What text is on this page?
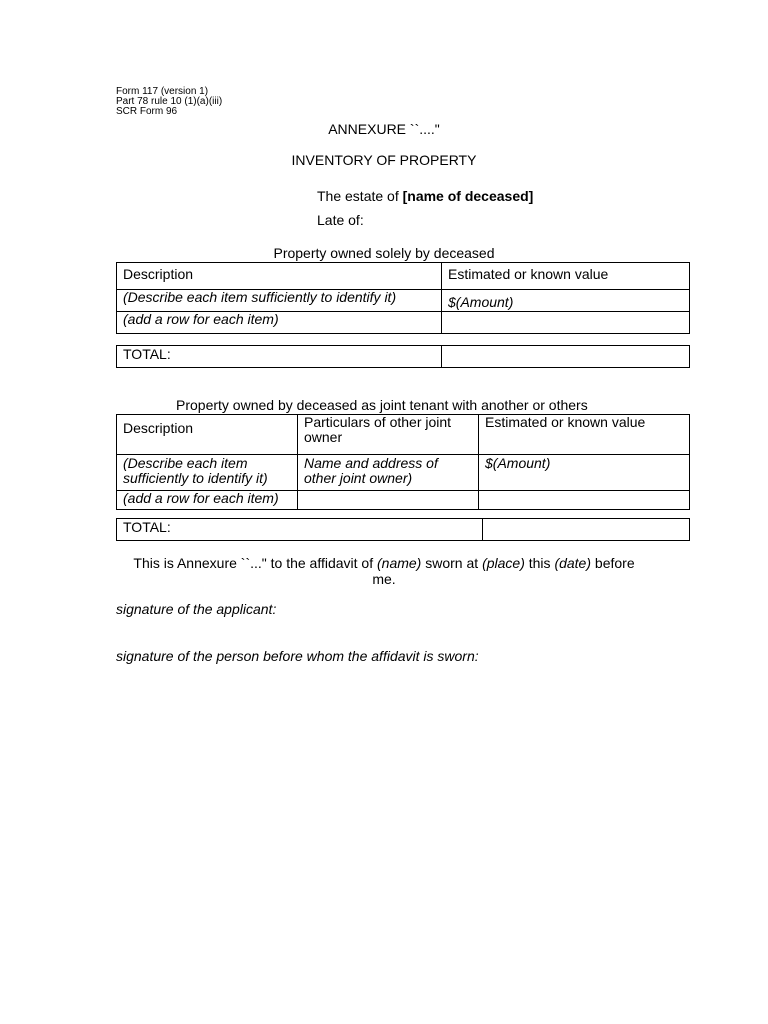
Form 117 (version 1)
Part 78 rule 10 (1)(a)(iii)
SCR Form 96
ANNEXURE ``...."
INVENTORY OF PROPERTY
The estate of [name of deceased]
Late of:
Property owned solely by deceased
Description	Estimated or known value
(Describe each item sufficiently to identify it)	$(Amount)
(add a row for each item)	
TOTAL:	
Property owned by deceased as joint tenant with another or others
Description	Particulars of other joint owner	Estimated or known value
(Describe each item sufficiently to identify it)	Name and address of other joint owner)	$(Amount)
(add a row for each item)		
TOTAL:	
This is Annexure ``..." to the affidavit of (name) sworn at (place) this (date) before me.
signature of the applicant:
signature of the person before whom the affidavit is sworn:
